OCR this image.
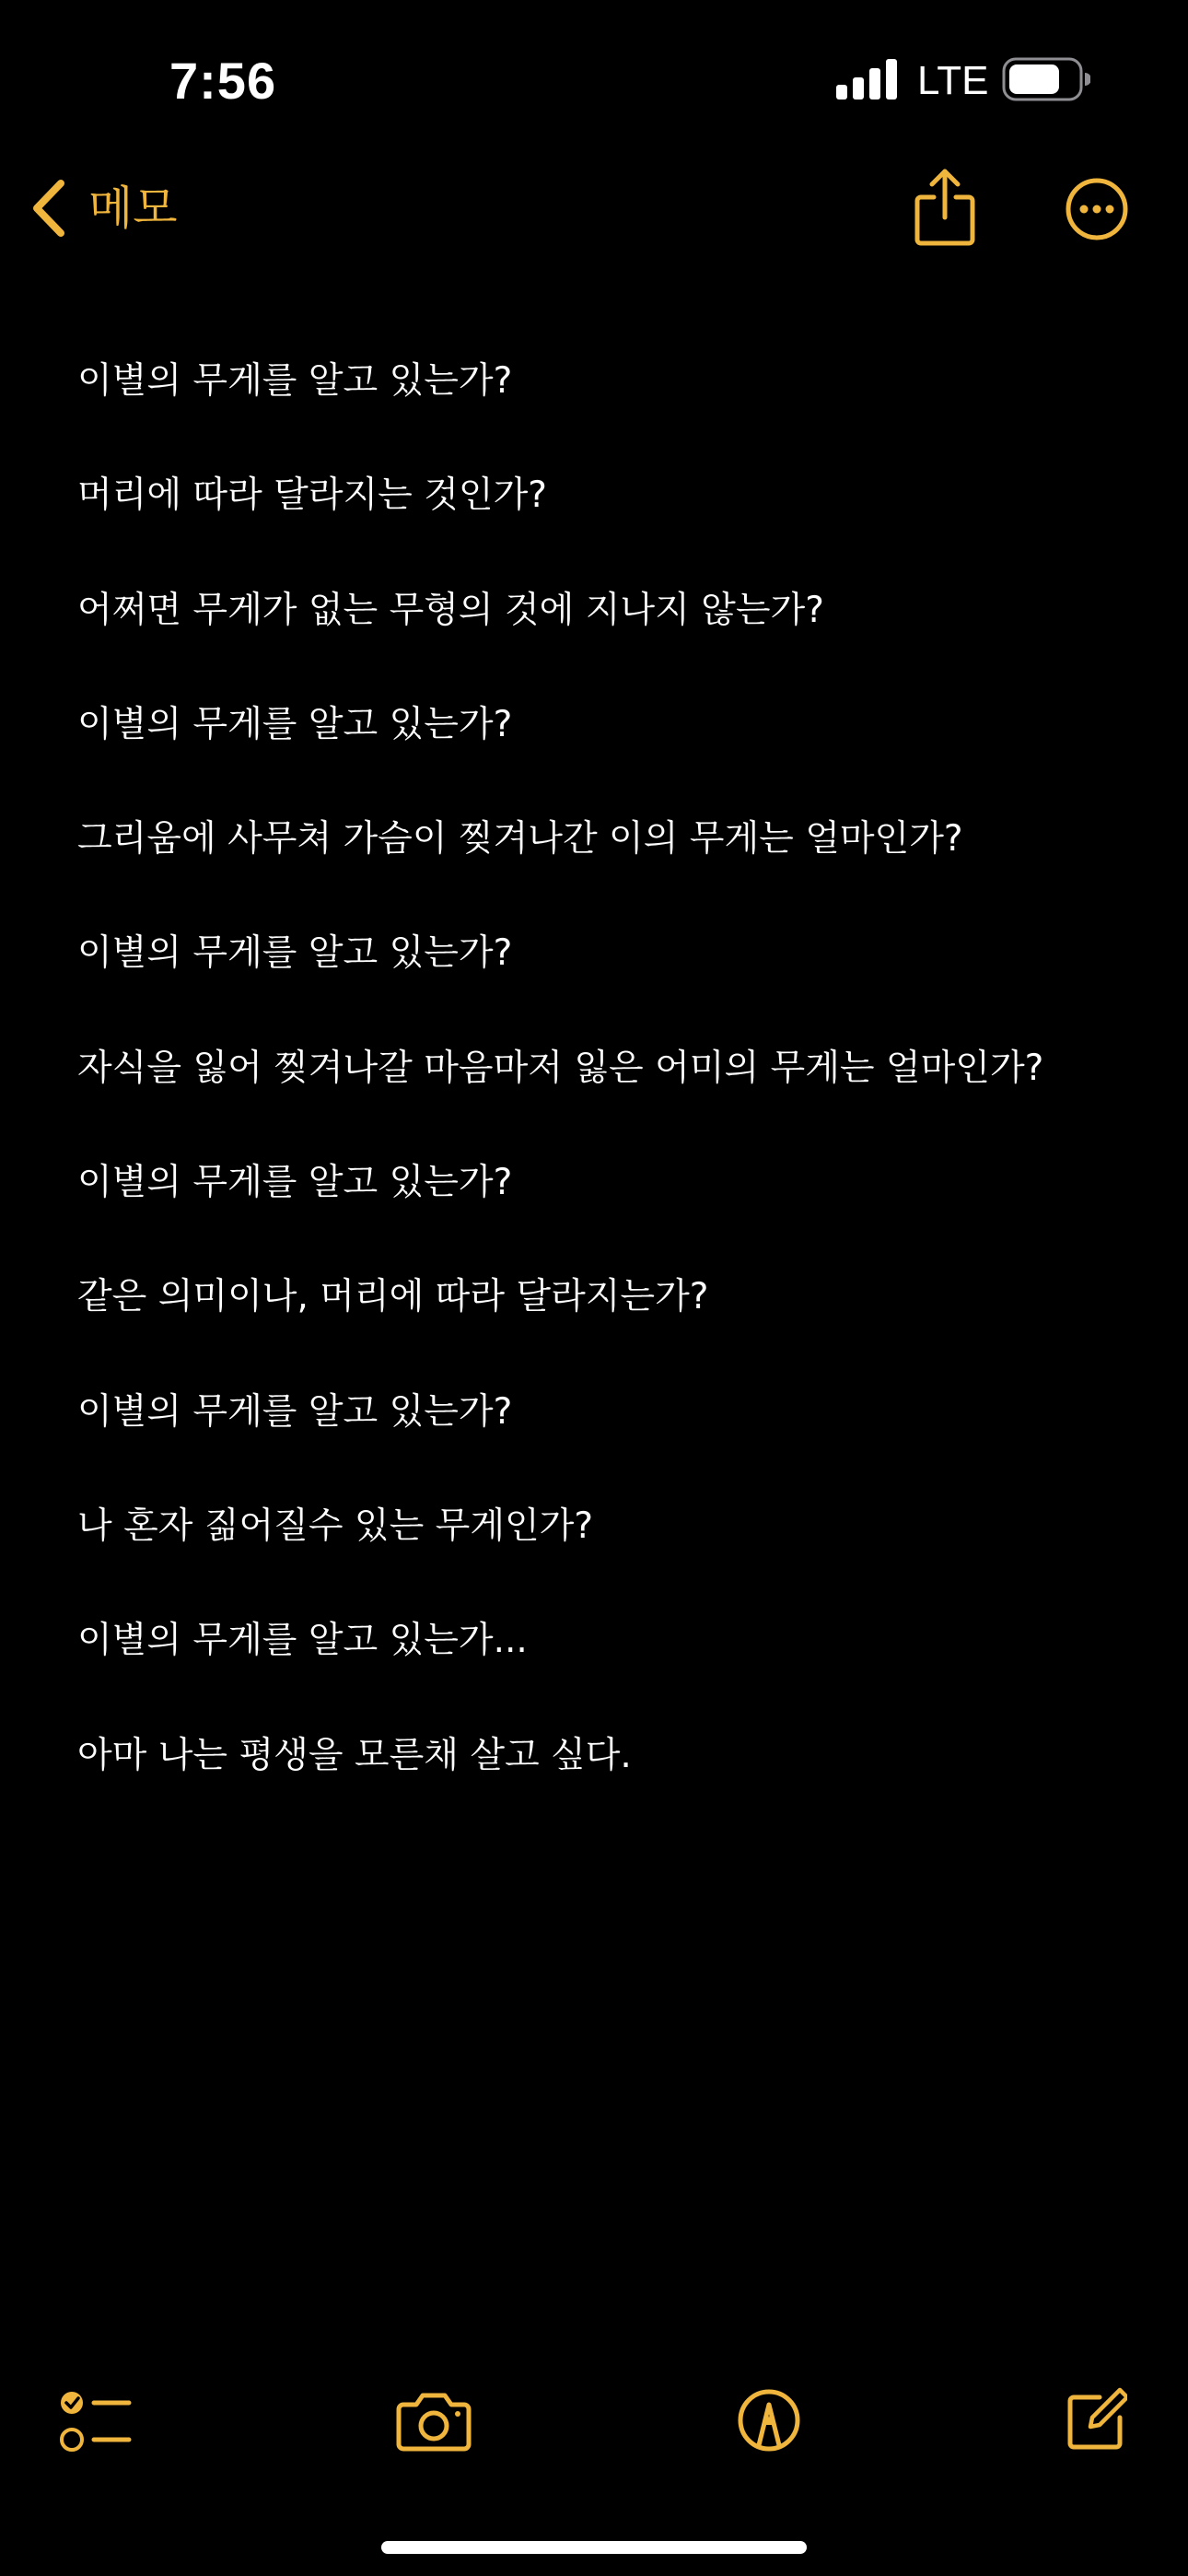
7:56	LTE
메모
이별의 무게를 알고 있는가?
머리에 따라 달라지는 것인가?
어쩌면 무게가 없는 무형의 것에 지나지 않는가?
이별의 무게를 알고 있는가?
그리움에 사무쳐 가슴이 찢겨나간 이의 무게는 얼마인가?
이별의 무게를 알고 있는가?
자식을 잃어 찢겨나갈 마음마저 잃은 어미의 무게는 얼마인가?
이별의 무게를 알고 있는가?
같은 의미이나, 머리에 따라 달라지는가?
이별의 무게를 알고 있는가?
나 혼자 짊어질수 있는 무게인가?
이별의 무게를 알고 있는가...
아마 나는 평생을 모른채 살고 싶다.
